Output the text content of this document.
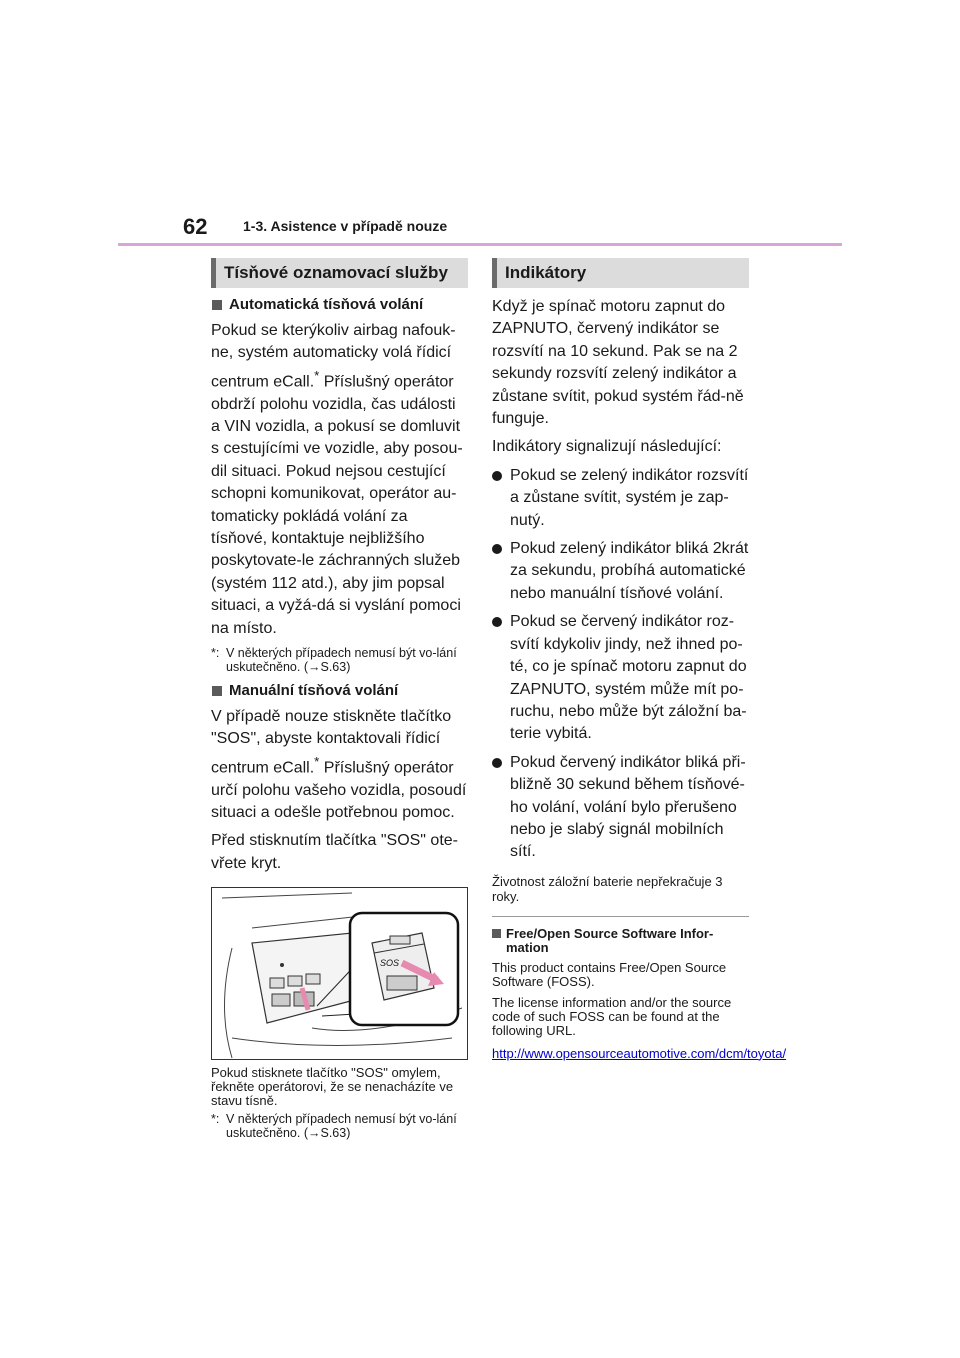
62	1-3. Asistence v případě nouze
Tísňové oznamovací služby
Automatická tísňová volání

Pokud se kterýkoliv airbag nafouk-ne, systém automaticky volá řídicí centrum eCall.* Příslušný operátor obdrží polohu vozidla, čas události a VIN vozidla, a pokusí se domluvit s cestujícími ve vozidle, aby posou-dil situaci. Pokud nejsou cestující schopni komunikovat, operátor au-tomaticky pokládá volání za tísňové, kontaktuje nejbližšího poskytovate-le záchranných služeb (systém 112 atd.), aby jim popsal situaci, a vyžá-dá si vyslání pomoci na místo.

*: V některých případech nemusí být vo-lání uskutečněno. (→S.63)
Manuální tísňová volání

V případě nouze stiskněte tlačítko "SOS", abyste kontaktovali řídicí centrum eCall.* Příslušný operátor určí polohu vašeho vozidla, posoudí situaci a odešle potřebnou pomoc.

Před stisknutím tlačítka "SOS" ote-vřete kryt.

SOS
Pokud stisknete tlačítko "SOS" omylem, řekněte operátorovi, že se nenacházíte ve stavu tísně.
*: V některých případech nemusí být vo-lání uskutečněno. (→S.63)
Indikátory

Když je spínač motoru zapnut do ZAPNUTO, červený indikátor se rozsvítí na 10 sekund. Pak se na 2 sekundy rozsvítí zelený indikátor a zůstane svítit, pokud systém řád-ně funguje.

Indikátory signalizují následující:

Pokud se zelený indikátor rozsvítí a zůstane svítit, systém je zap-nutý.
Pokud zelený indikátor bliká 2krát za sekundu, probíhá automatické nebo manuální tísňové volání.
Pokud se červený indikátor roz-svítí kdykoliv jindy, než ihned po-té, co je spínač motoru zapnut do ZAPNUTO, systém může mít po-ruchu, nebo může být záložní ba-terie vybitá.
Pokud červený indikátor bliká při-bližně 30 sekund během tísňové-ho volání, volání bylo přerušeno nebo je slabý signál mobilních sítí.
Životnost záložní baterie nepřekračuje 3 roky.
Free/Open Source Software Infor-mation

This product contains Free/Open Source Software (FOSS).

The license information and/or the source code of such FOSS can be found at the following URL.

http://www.opensourceautomotive.com/dcm/toyota/
